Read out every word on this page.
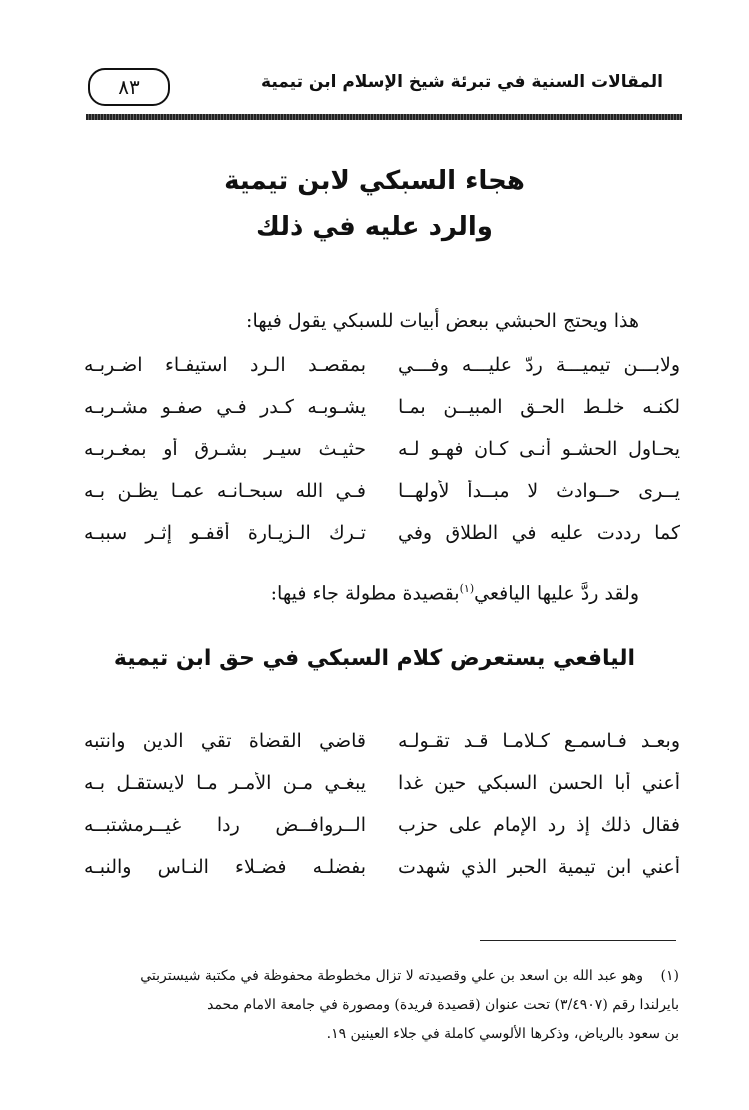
المقالات السنية في تبرئة شيخ الإسلام ابن تيمية
٨٣
هجاء السبكي لابن تيمية
والرد عليه في ذلك
هذا ويحتج الحبشي ببعض أبيات للسبكي يقول فيها:
ولابـــن تيميـــة ردّ عليـــه وفـــي
بمقصـد الـرد استيفـاء اضـربـه
لكنـه خلـط الحـق المبيــن بمـا
يشـوبـه كـدر فـي صفـو مشـربـه
يحـاول الحشـو أنـى كـان فهـو لـه
حثيـث سيـر بشـرق أو بمغـربـه
يــرى حــوادث لا مبــدأ لأولهــا
فـي الله سبحـانـه عمـا يظـن بـه
كما رددت عليه في الطلاق وفي
تـرك الـزيـارة أقفـو إثـر سببـه
ولقد ردَّ عليها اليافعي$^{(١)}$بقصيدة مطولة جاء فيها:
اليافعي يستعرض كلام السبكي في حق ابن تيمية
وبعـد فـاسمـع كـلامـا قـد تقـولـه
قاضي القضاة تقي الدين وانتبه
أعني أبا الحسن السبكي حين غدا
يبغـي مـن الأمـر مـا لايستقـل بـه
فقال ذلك إذ رد الإمام على حزب
الــروافــض ردا غيــرمشتبــه
أعني ابن تيمية الحبر الذي شهدت
بفضلـه فضـلاء النـاس والنبـه
(١)وهو عبد الله بن اسعد بن علي وقصيدته لا تزال مخطوطة محفوظة في مكتبة شيستربتي
بايرلندا رقم (٣/٤٩٠٧) تحت عنوان (قصيدة فريدة) ومصورة في جامعة الامام محمد
بن سعود بالرياض، وذكرها الألوسي كاملة في جلاء العينين ١٩.
